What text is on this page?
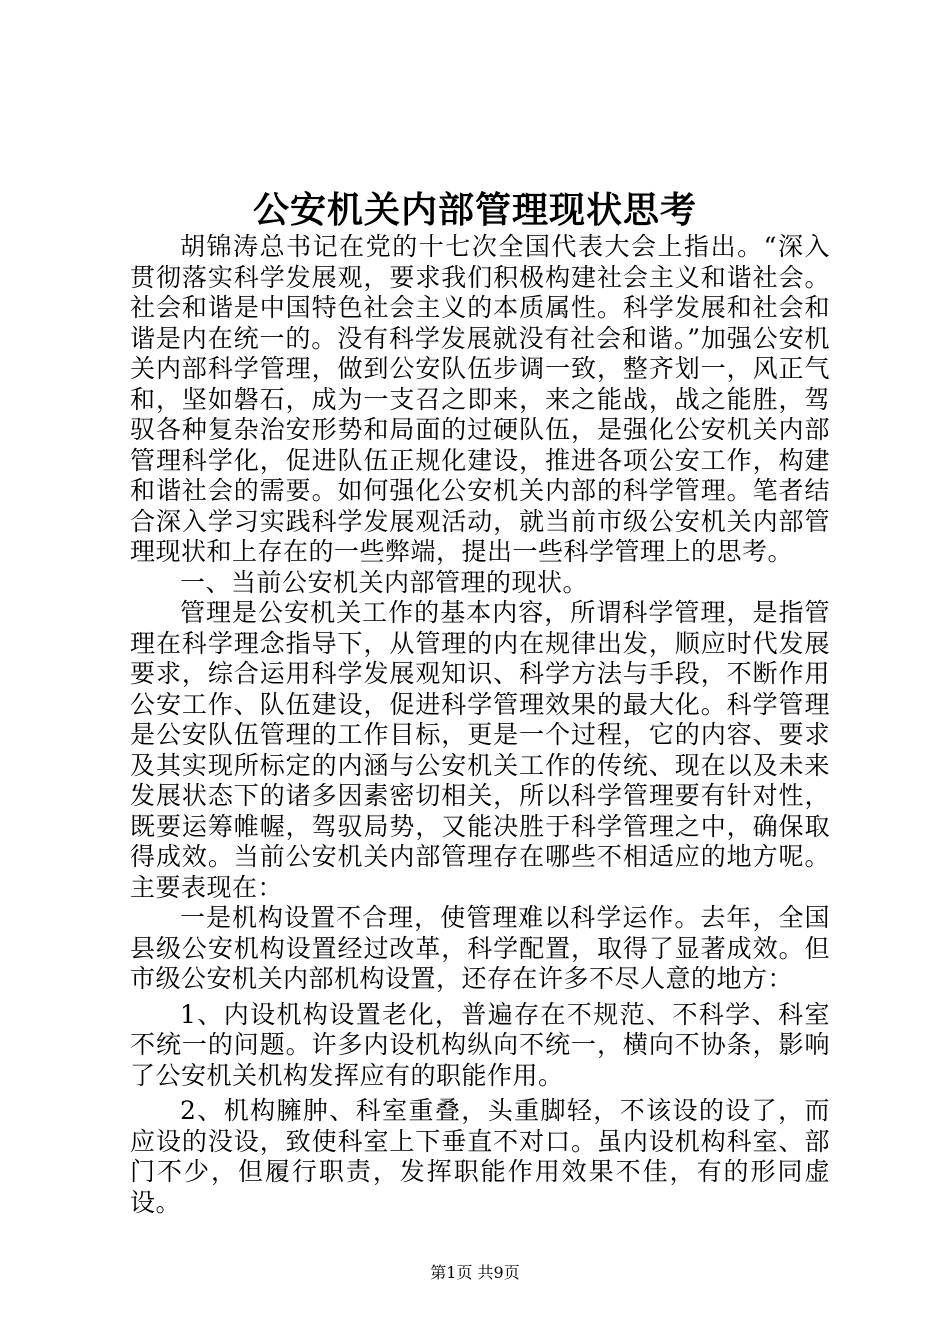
公安机关内部管理现状思考

胡锦涛总书记在党的十七次全国代表大会上指出。“深入贯彻落实科学发展观，要求我们积极构建社会主义和谐社会。社会和谐是中国特色社会主义的本质属性。科学发展和社会和谐是内在统一的。没有科学发展就没有社会和谐。”加强公安机关内部科学管理，做到公安队伍步调一致，整齐划一，风正气和，坚如磐石，成为一支召之即来，来之能战，战之能胜，驾驭各种复杂治安形势和局面的过硬队伍，是强化公安机关内部管理科学化，促进队伍正规化建设，推进各项公安工作，构建和谐社会的需要。如何强化公安机关内部的科学管理。笔者结合深入学习实践科学发展观活动，就当前市级公安机关内部管理现状和上存在的一些弊端，提出一些科学管理上的思考。

一、当前公安机关内部管理的现状。

管理是公安机关工作的基本内容，所谓科学管理，是指管理在科学理念指导下，从管理的内在规律出发，顺应时代发展要求，综合运用科学发展观知识、科学方法与手段，不断作用公安工作、队伍建设，促进科学管理效果的最大化。科学管理是公安队伍管理的工作目标，更是一个过程，它的内容、要求及其实现所标定的内涵与公安机关工作的传统、现在以及未来发展状态下的诸多因素密切相关，所以科学管理要有针对性，既要运筹帷幄，驾驭局势，又能决胜于科学管理之中，确保取得成效。当前公安机关内部管理存在哪些不相适应的地方呢。主要表现在：

一是机构设置不合理，使管理难以科学运作。去年，全国县级公安机构设置经过改革，科学配置，取得了显著成效。但市级公安机关内部机构设置，还存在许多不尽人意的地方：

1、内设机构设置老化，普遍存在不规范、不科学、科室不统一的问题。许多内设机构纵向不统一，横向不协条，影响了公安机关机构发挥应有的职能作用。

2、机构臃肿、科室重叠，头重脚轻，不该设的设了，而应设的没设，致使科室上下垂直不对口。虽内设机构科室、部门不少，但履行职责，发挥职能作用效果不佳，有的形同虚设。

第1页 共9页
